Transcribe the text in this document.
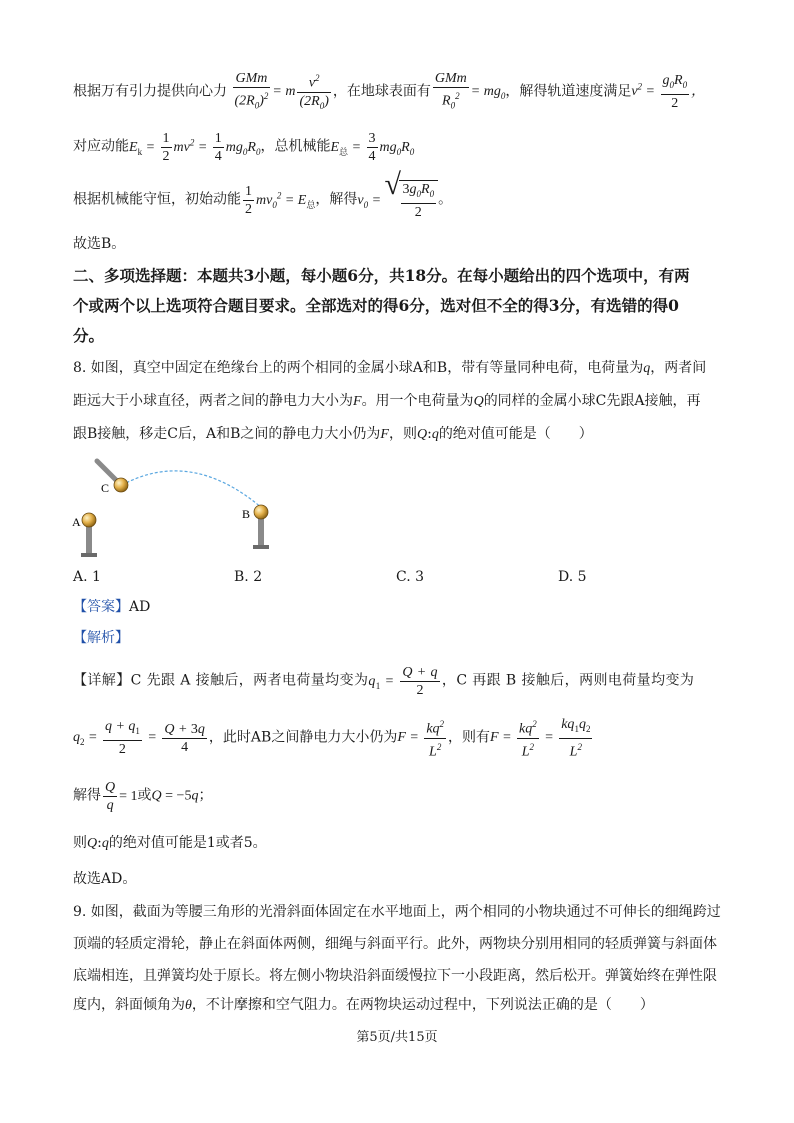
根据万有引力提供向心力 $\frac{\text{GMm}}{(2R_0)^2} = m \frac{v^2}{(2R_0)}$ ，在地球表面有 $\frac{\text{GMm}}{R_0^2} = mg_0$，解得轨道速度满足$v^2 = \frac{g_0R_0}{2}$ ，
对应动能$E_k = \frac{1}{2} mv^2 = \frac{1}{4} mg_0R_0$，总机械能$E_总 = \frac{3}{4} mg_0R_0$
根据机械能守恒，初始动能 $\frac{1}{2} mv_0^2 = E_总$，解得$v_0$ =
√ $\frac{3g_0R_0}{2}$ 。
故选B。
二、多项选择题：本题共3小题，每小题6分，共18分。在每小题给出的四个选项中，有两
个或两个以上选项符合题目要求。全部选对的得6分，选对但不全的得3分，有选错的得0
分。
8. 如图，真空中固定在绝缘台上的两个相同的金属小球A和B，带有等量同种电荷，电荷量为q，两者间
距远大于小球直径，两者之间的静电力大小为F。用一个电荷量为Q的同样的金属小球C先跟A接触，再
跟B接触，移走C后，A和B之间的静电力大小仍为F，则Q:q的绝对值可能是（　　）
A
B
C
A. 1	B. 2	C. 3	D. 5
【答案】AD
【解析】
【详解】C 先跟 A 接触后，两者电荷量均变为$q_1 = \frac{Q + q}{2}$ ，C 再跟 B 接触后，两则电荷量均变为
$q_2 = \frac{q + q_1}{2} = \frac{Q + 3q}{4}$ ，此时AB之间静电力大小仍为$F = \frac{kq^2}{L^2}$ ，则有$F = \frac{kq^2}{L^2} = \frac{kq_1q_2}{L^2}$
解得 $\frac{Q}{q} = 1$或Q = −5q；
则Q:q的绝对值可能是1或者5。
故选AD。
9. 如图，截面为等腰三角形的光滑斜面体固定在水平地面上，两个相同的小物块通过不可伸长的细绳跨过
顶端的轻质定滑轮，静止在斜面体两侧，细绳与斜面平行。此外，两物块分别用相同的轻质弹簧与斜面体
底端相连，且弹簧均处于原长。将左侧小物块沿斜面缓慢拉下一小段距离，然后松开。弹簧始终在弹性限
度内，斜面倾角为θ，不计摩擦和空气阻力。在两物块运动过程中，下列说法正确的是（　　）
第5页/共15页
